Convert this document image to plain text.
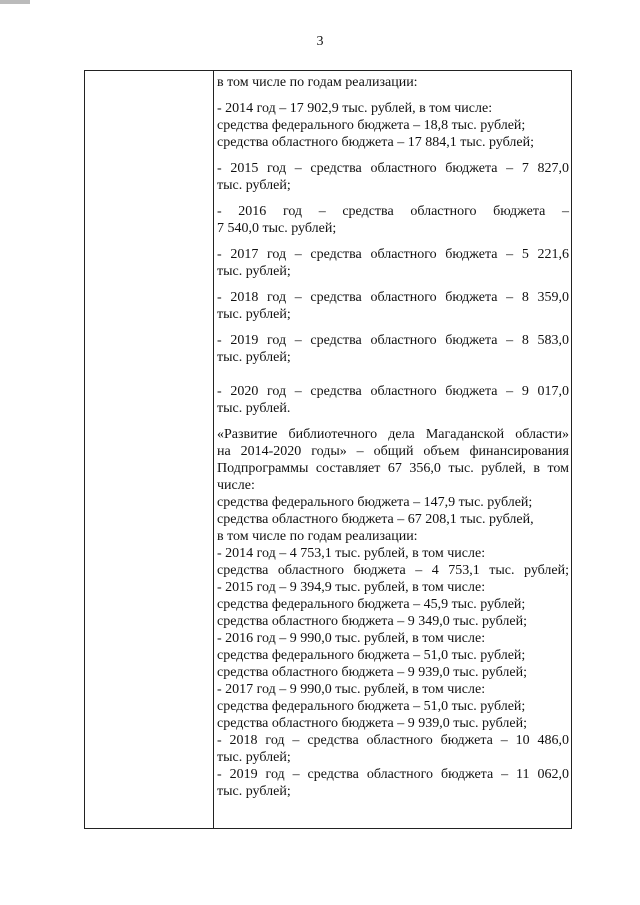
3
в том числе по годам реализации:
- 2014 год – 17 902,9 тыс. рублей, в том числе:
средства федерального бюджета – 18,8 тыс. рублей;
средства областного бюджета – 17 884,1 тыс. рублей;
- 2015 год – средства областного бюджета – 7 827,0
тыс. рублей;
- 2016 год – средства областного бюджета –
7 540,0 тыс. рублей;
- 2017 год – средства областного бюджета – 5 221,6
тыс. рублей;
- 2018 год – средства областного бюджета – 8 359,0
тыс. рублей;
- 2019 год – средства областного бюджета – 8 583,0
тыс. рублей;
- 2020 год – средства областного бюджета – 9 017,0
тыс. рублей.
«Развитие библиотечного дела Магаданской области»
на 2014-2020 годы» – общий объем финансирования
Подпрограммы составляет 67 356,0 тыс. рублей, в том
числе:
средства федерального бюджета – 147,9 тыс. рублей;
средства областного бюджета – 67 208,1 тыс. рублей,
в том числе по годам реализации:
- 2014 год – 4 753,1 тыс. рублей, в том числе:
средства областного бюджета – 4 753,1 тыс. рублей;
- 2015 год – 9 394,9 тыс. рублей, в том числе:
средства федерального бюджета – 45,9 тыс. рублей;
средства областного бюджета – 9 349,0 тыс. рублей;
- 2016 год – 9 990,0 тыс. рублей, в том числе:
средства федерального бюджета – 51,0 тыс. рублей;
средства областного бюджета – 9 939,0 тыс. рублей;
- 2017 год – 9 990,0 тыс. рублей, в том числе:
средства федерального бюджета – 51,0 тыс. рублей;
средства областного бюджета – 9 939,0 тыс. рублей;
- 2018 год – средства областного бюджета – 10 486,0
тыс. рублей;
- 2019 год – средства областного бюджета – 11 062,0
тыс. рублей;
